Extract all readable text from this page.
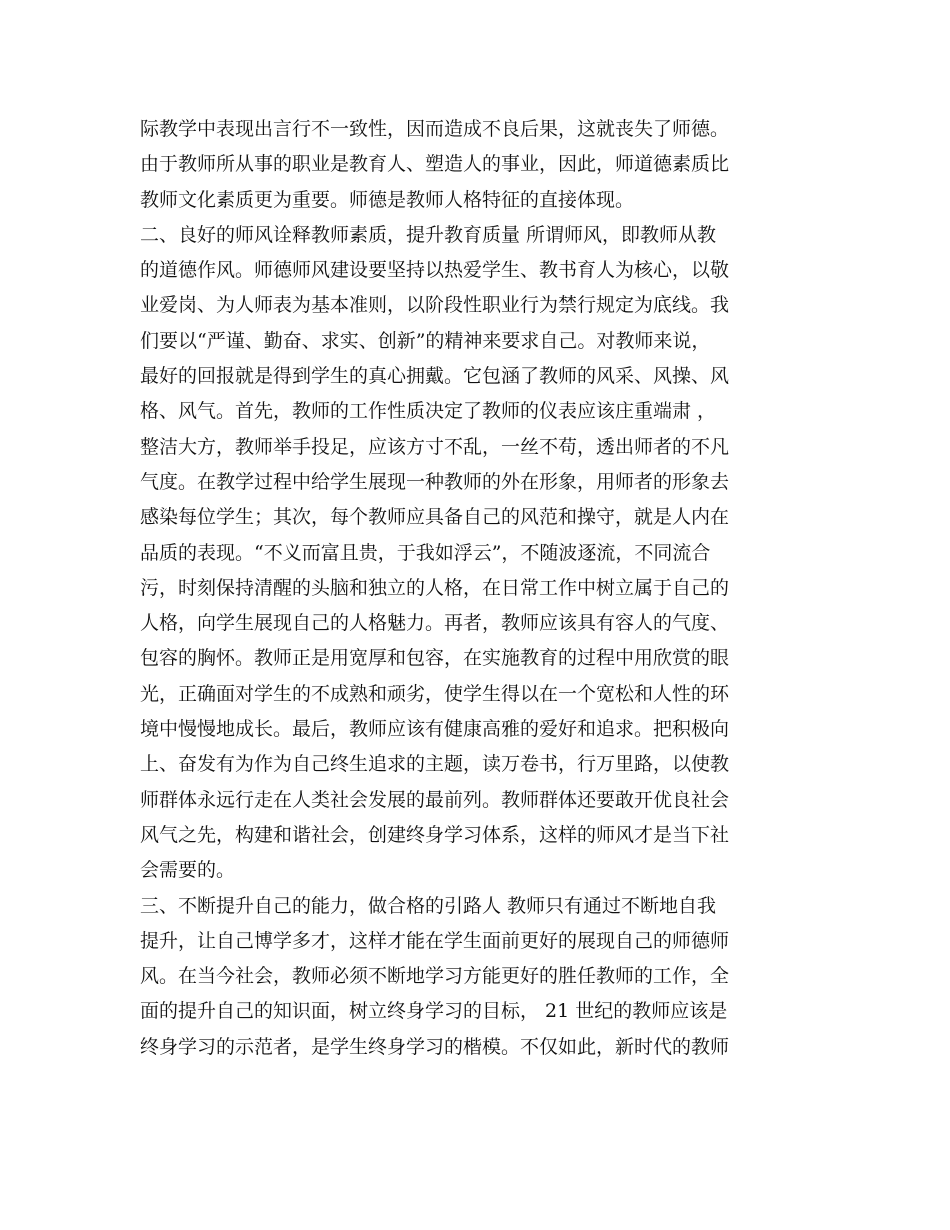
际教学中表现出言行不一致性，因而造成不良后果，这就丧失了师德。
由于教师所从事的职业是教育人、塑造人的事业，因此，师道德素质比
教师文化素质更为重要。师德是教师人格特征的直接体现。
二、良好的师风诠释教师素质，提升教育质量 所谓师风，即教师从教
的道德作风。师德师风建设要坚持以热爱学生、教书育人为核心，以敬
业爱岗、为人师表为基本准则，以阶段性职业行为禁行规定为底线。我
们要以“严谨、勤奋、求实、创新”的精神来要求自己。对教师来说，
最好的回报就是得到学生的真心拥戴。它包涵了教师的风采、风操、风
格、风气。首先，教师的工作性质决定了教师的仪表应该庄重端肃 ，
整洁大方，教师举手投足，应该方寸不乱，一丝不苟，透出师者的不凡
气度。在教学过程中给学生展现一种教师的外在形象，用师者的形象去
感染每位学生；其次，每个教师应具备自己的风范和操守，就是人内在
品质的表现。“不义而富且贵，于我如浮云”，不随波逐流，不同流合
污，时刻保持清醒的头脑和独立的人格，在日常工作中树立属于自己的
人格，向学生展现自己的人格魅力。再者，教师应该具有容人的气度、
包容的胸怀。教师正是用宽厚和包容，在实施教育的过程中用欣赏的眼
光，正确面对学生的不成熟和顽劣，使学生得以在一个宽松和人性的环
境中慢慢地成长。最后，教师应该有健康高雅的爱好和追求。把积极向
上、奋发有为作为自己终生追求的主题，读万卷书，行万里路，以使教
师群体永远行走在人类社会发展的最前列。教师群体还要敢开优良社会
风气之先，构建和谐社会，创建终身学习体系，这样的师风才是当下社
会需要的。
三、不断提升自己的能力，做合格的引路人 教师只有通过不断地自我
提升，让自己博学多才，这样才能在学生面前更好的展现自己的师德师
风。在当今社会，教师必须不断地学习方能更好的胜任教师的工作，全
面的提升自己的知识面，树立终身学习的目标， 21 世纪的教师应该是
终身学习的示范者，是学生终身学习的楷模。不仅如此，新时代的教师
